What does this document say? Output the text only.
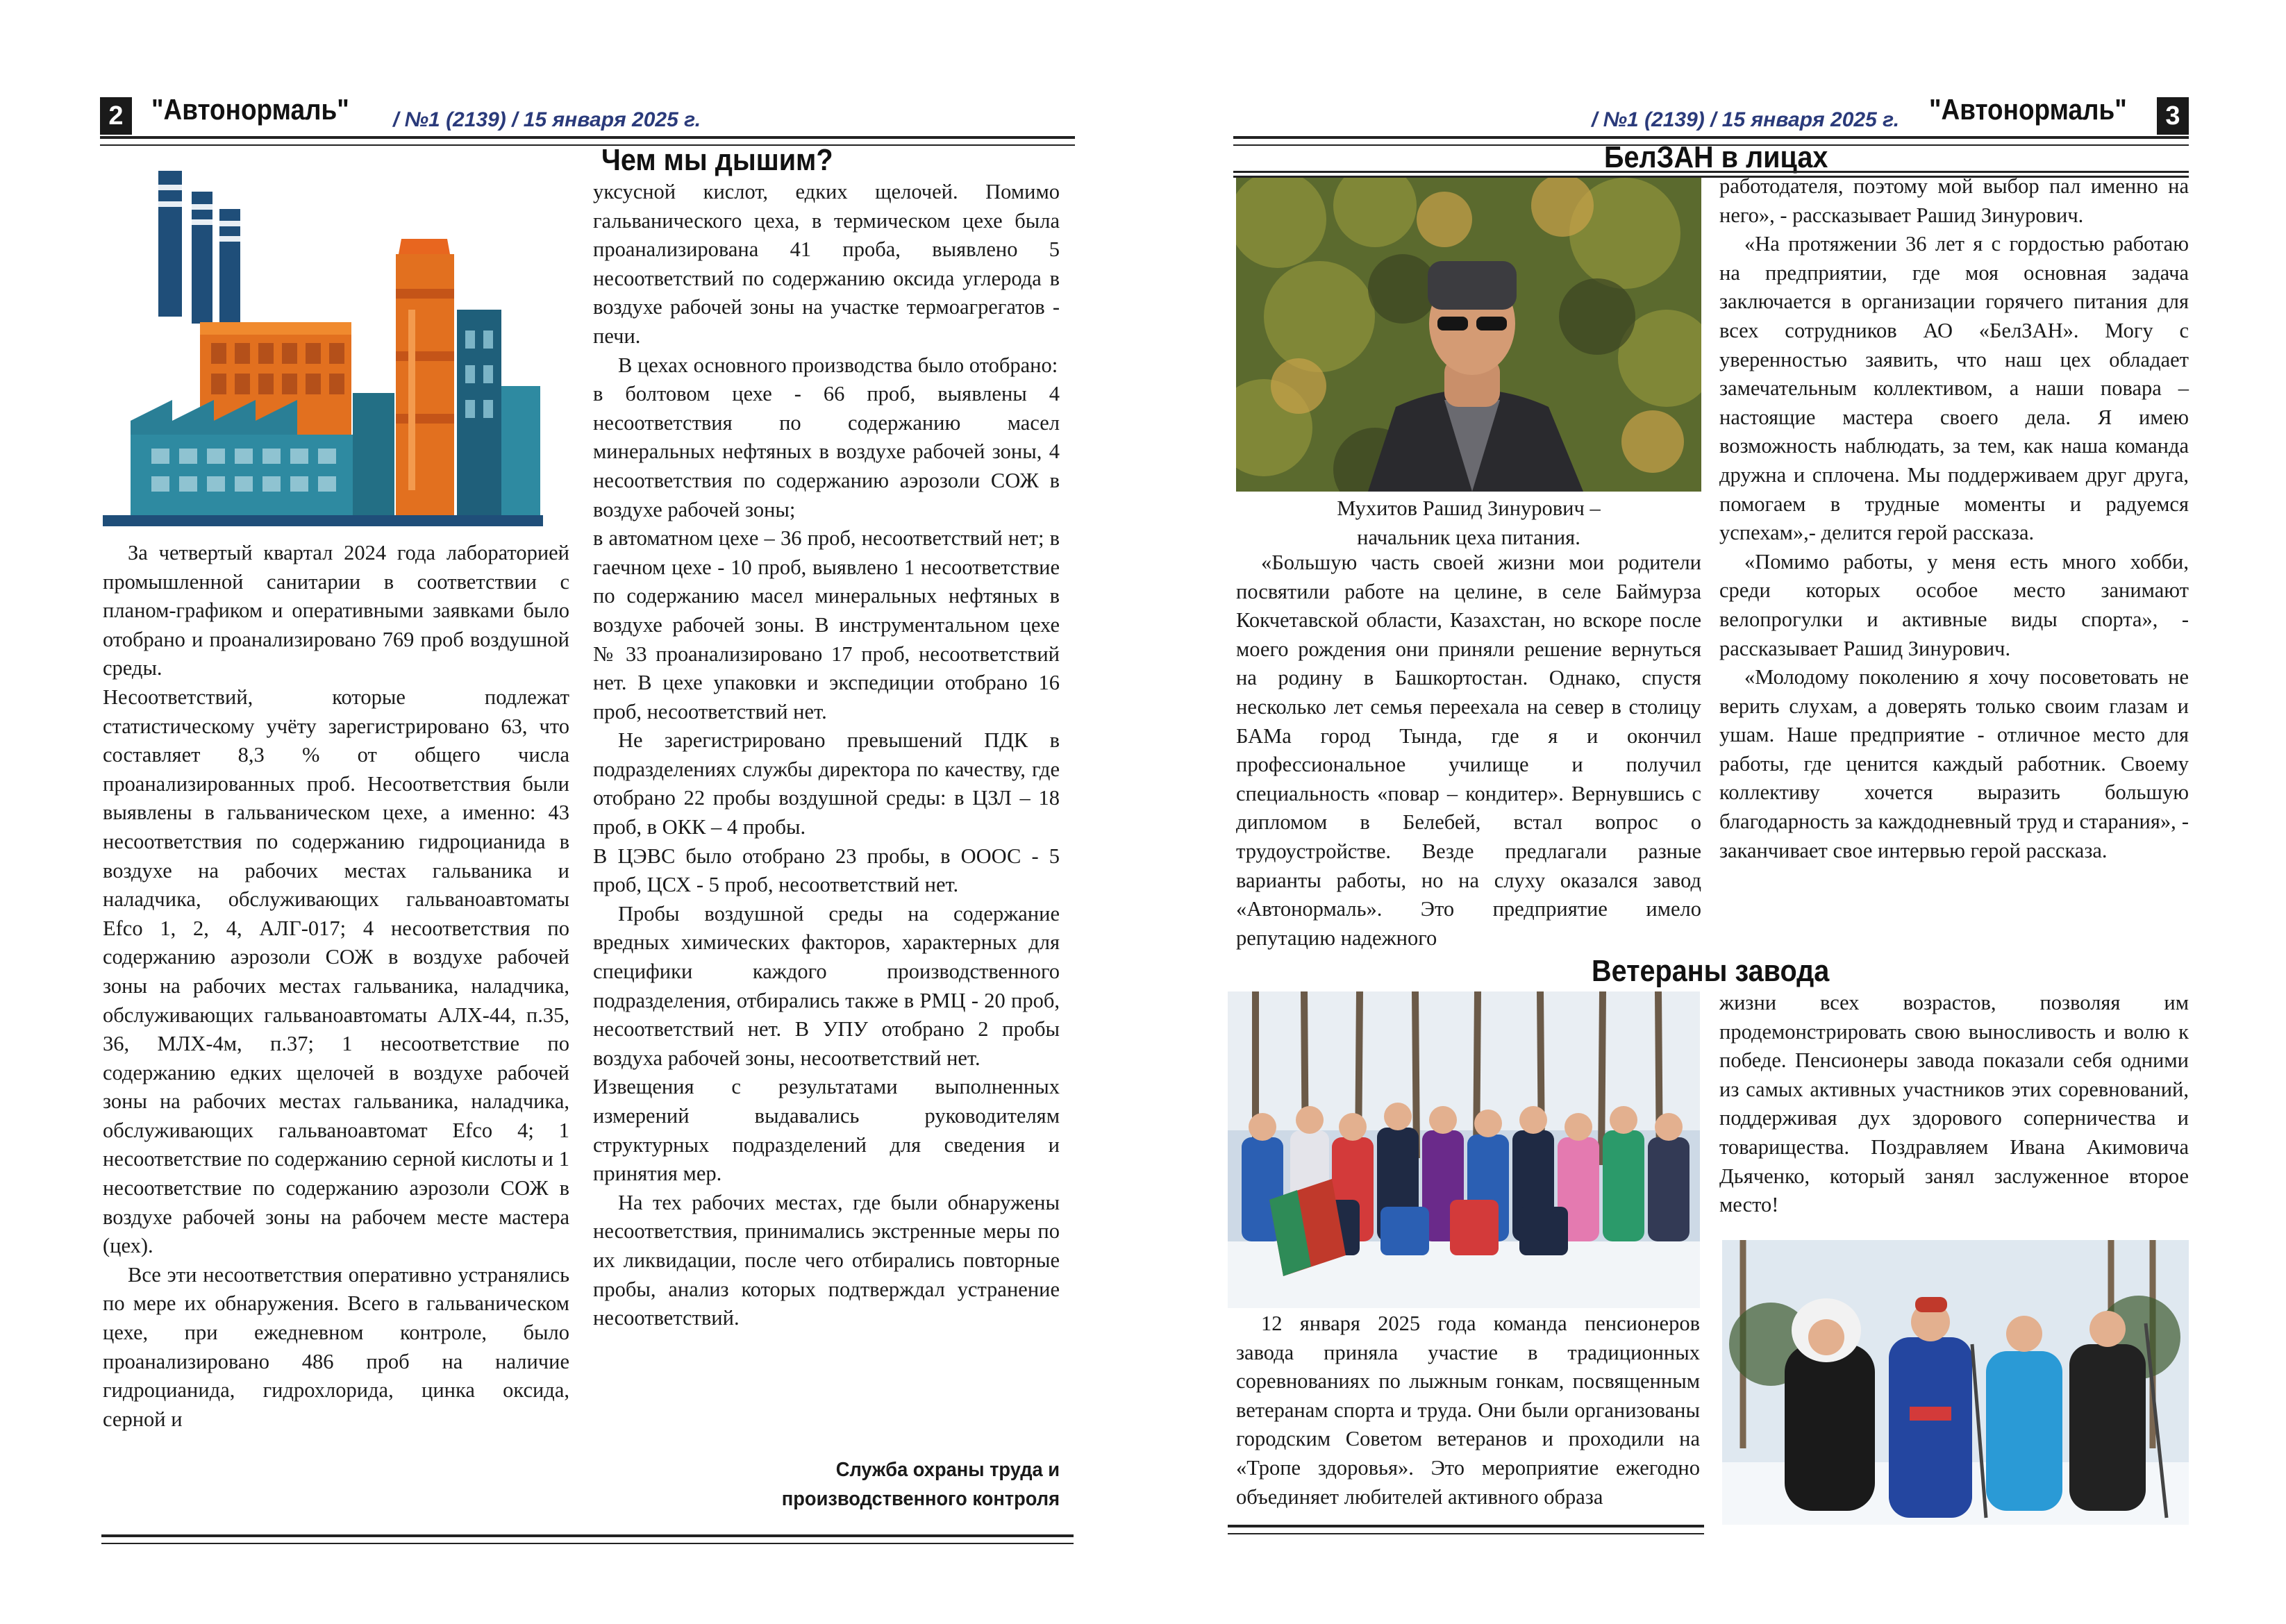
2 "Автонормаль" / №1 (2139) / 15 января 2025 г.
Чем мы дышим?

За четвертый квартал 2024 года лабораторией промышленной санитарии в соответствии с планом-графиком и оперативными заявками было отобрано и проанализировано 769 проб воздушной среды.

Несоответствий, которые подлежат статистическому учёту зарегистрировано 63, что составляет 8,3 % от общего числа проанализированных проб. Несоответствия были выявлены в гальваническом цехе, а именно: 43 несоответствия по содержанию гидроцианида в воздухе на рабочих местах гальваника и наладчика, обслуживающих гальваноавтоматы Efco 1, 2, 4, АЛГ-017; 4 несоответствия по содержанию аэрозоли СОЖ в воздухе рабочей зоны на рабочих местах гальваника, наладчика, обслуживающих гальваноавтоматы АЛХ-44, п.35, 36, МЛХ-4м, п.37; 1 несоответствие по содержанию едких щелочей в воздухе рабочей зоны на рабочих местах гальваника, наладчика, обслуживающих гальваноавтомат Efco 4; 1 несоответствие по содержанию серной кислоты и 1 несоответствие по содержанию аэрозоли СОЖ в воздухе рабочей зоны на рабочем месте мастера (цех).

Все эти несоответствия оперативно устранялись по мере их обнаружения. Всего в гальваническом цехе, при ежедневном контроле, было проанализировано 486 проб на наличие гидроцианида, гидрохлорида, цинка оксида, серной и

уксусной кислот, едких щелочей. Помимо гальванического цеха, в термическом цехе была проанализирована 41 проба, выявлено 5 несоответствий по содержанию оксида углерода в воздухе рабочей зоны на участке термоагрегатов - печи.

В цехах основного производства было отобрано:

в болтовом цехе - 66 проб, выявлены 4 несоответствия по содержанию масел минеральных нефтяных в воздухе рабочей зоны, 4 несоответствия по содержанию аэрозоли СОЖ в воздухе рабочей зоны;

в автоматном цехе – 36 проб, несоответствий нет; в гаечном цехе - 10 проб, выявлено 1 несоответствие по содержанию масел минеральных нефтяных в воздухе рабочей зоны. В инструментальном цехе № 33 проанализировано 17 проб, несоответствий нет. В цехе упаковки и экспедиции отобрано 16 проб, несоответствий нет.

Не зарегистрировано превышений ПДК в подразделениях службы директора по качеству, где отобрано 22 пробы воздушной среды: в ЦЗЛ – 18 проб, в ОКК – 4 пробы.

В ЦЭВС было отобрано 23 пробы, в ОООС - 5 проб, ЦСХ - 5 проб, несоответствий нет.

Пробы воздушной среды на содержание вредных химических факторов, характерных для специфики каждого производственного подразделения, отбирались также в РМЦ - 20 проб, несоответствий нет. В УПУ отобрано 2 пробы воздуха рабочей зоны, несоответствий нет.

Извещения с результатами выполненных измерений выдавались руководителям структурных подразделений для сведения и принятия мер.

На тех рабочих местах, где были обнаружены несоответствия, принимались экстренные меры по их ликвидации, после чего отбирались повторные пробы, анализ которых подтверждал устранение несоответствий.

Служба охраны труда и
производственного контроля
/ №1 (2139) / 15 января 2025 г. "Автонормаль"	3
БелЗАН в лицах

Мухитов Рашид Зинурович –

начальник цеха питания.

«Большую часть своей жизни мои родители посвятили работе на целине, в селе Баймурза Кокчетавской области, Казахстан, но вскоре после моего рождения они приняли решение вернуться на родину в Башкортостан. Однако, спустя несколько лет семья переехала на север в столицу БАМа город Тында, где я и окончил профессиональное училище и получил специальность «повар – кондитер». Вернувшись с дипломом в Белебей, встал вопрос о трудоустройстве. Везде предлагали разные варианты работы, но на слуху оказался завод «Автонормаль». Это предприятие имело репутацию надежного

работодателя, поэтому мой выбор пал именно на него», - рассказывает Рашид Зинурович.

«На протяжении 36 лет я с гордостью работаю на предприятии, где моя основная задача заключается в организации горячего питания для всех сотрудников АО «БелЗАН». Могу с уверенностью заявить, что наш цех обладает замечательным коллективом, а наши повара – настоящие мастера своего дела. Я имею возможность наблюдать, за тем, как наша команда дружна и сплочена. Мы поддерживаем друг друга, помогаем в трудные моменты и радуемся успехам»,- делится герой рассказа.

«Помимо работы, у меня есть много хобби, среди которых особое место занимают велопрогулки и активные виды спорта», - рассказывает Рашид Зинурович.

«Молодому поколению я хочу посоветовать не верить слухам, а доверять только своим глазам и ушам. Наше предприятие - отличное место для работы, где ценится каждый работник. Своему коллективу хочется выразить большую благодарность за каждодневный труд и старания», - заканчивает свое интервью герой рассказа.

Ветераны завода

12 января 2025 года команда пенсионеров завода приняла участие в традиционных соревнованиях по лыжным гонкам, посвященным ветеранам спорта и труда. Они были организованы городским Советом ветеранов и проходили на «Тропе здоровья». Это мероприятие ежегодно объединяет любителей активного образа

жизни всех возрастов, позволяя им продемонстрировать свою выносливость и волю к победе. Пенсионеры завода показали себя одними из самых активных участников этих соревнований, поддерживая дух здорового соперничества и товарищества. Поздравляем Ивана Акимовича Дьяченко, который занял заслуженное второе место!
